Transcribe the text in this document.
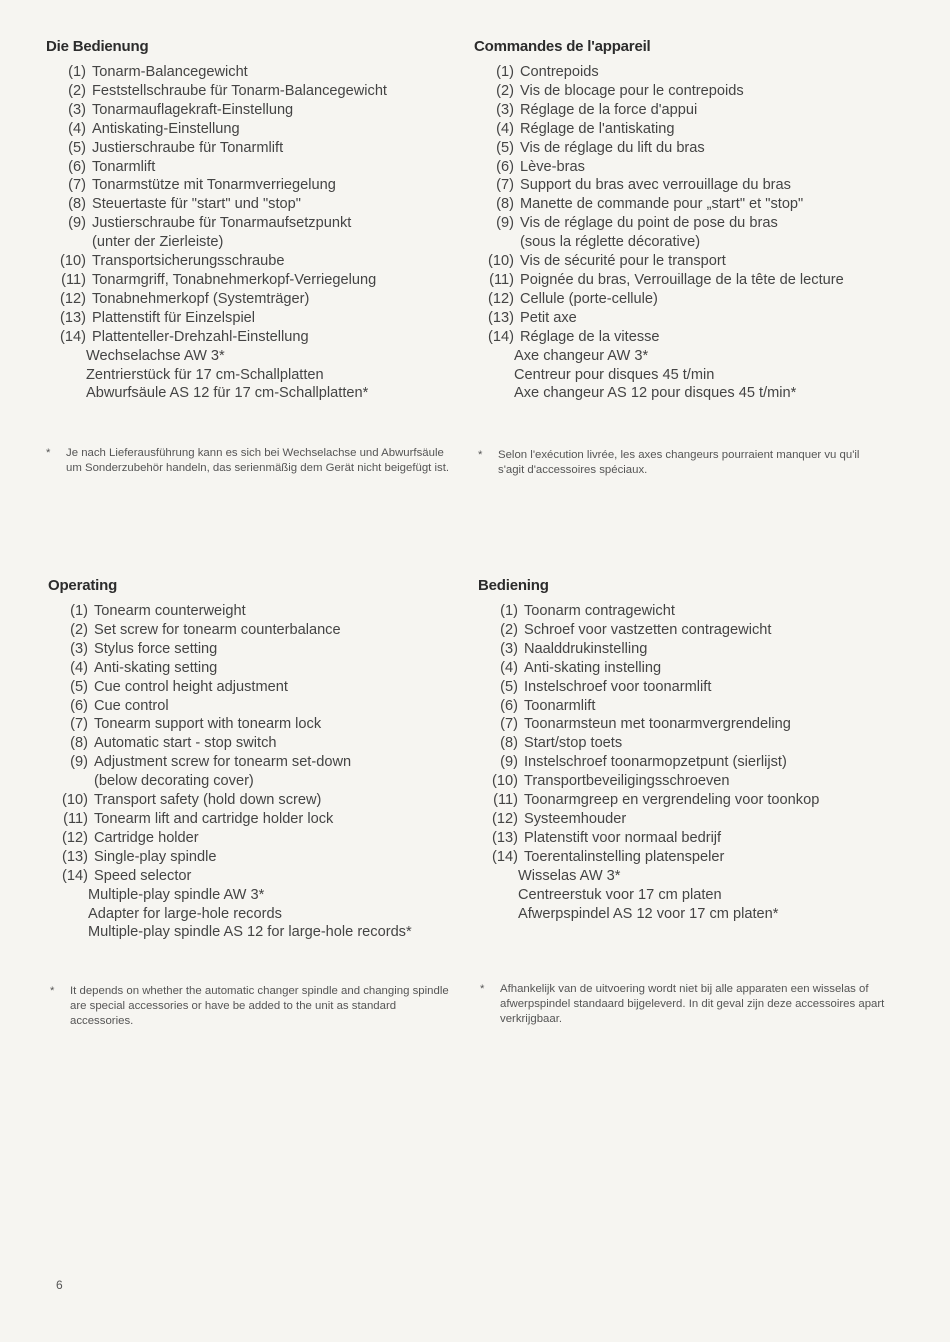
Die Bedienung
(1) Tonarm-Balancegewicht
(2) Feststellschraube für Tonarm-Balancegewicht
(3) Tonarmauflagekraft-Einstellung
(4) Antiskating-Einstellung
(5) Justierschraube für Tonarmlift
(6) Tonarmlift
(7) Tonarmstütze mit Tonarmverriegelung
(8) Steuertaste für "start" und "stop"
(9) Justierschraube für Tonarmaufsetzpunkt
(unter der Zierleiste)
(10) Transportsicherungsschraube
(11) Tonarmgriff, Tonabnehmerkopf-Verriegelung
(12) Tonabnehmerkopf (Systemträger)
(13) Plattenstift für Einzelspiel
(14) Plattenteller-Drehzahl-Einstellung
Wechselachse AW 3*
Zentrierstück für 17 cm-Schallplatten
Abwurfsäule AS 12 für 17 cm-Schallplatten*
*	Je nach Lieferausführung kann es sich bei Wechselachse und Abwurfsäule um Sonderzubehör handeln, das serienmäßig dem Gerät nicht beigefügt ist.
Commandes de l'appareil
(1) Contrepoids
(2) Vis de blocage pour le contrepoids
(3) Réglage de la force d'appui
(4) Réglage de l'antiskating
(5) Vis de réglage du lift du bras
(6) Lève-bras
(7) Support du bras avec verrouillage du bras
(8) Manette de commande pour „start" et "stop"
(9) Vis de réglage du point de pose du bras
(sous la réglette décorative)
(10) Vis de sécurité pour le transport
(11) Poignée du bras, Verrouillage de la tête de lecture
(12) Cellule (porte-cellule)
(13) Petit axe
(14) Réglage de la vitesse
Axe changeur AW 3*
Centreur pour disques 45 t/min
Axe changeur AS 12 pour disques 45 t/min*
*	Selon l'exécution livrée, les axes changeurs pourraient manquer vu qu'il s'agit d'accessoires spéciaux.
Operating
(1) Tonearm counterweight
(2) Set screw for tonearm counterbalance
(3) Stylus force setting
(4) Anti-skating setting
(5) Cue control height adjustment
(6) Cue control
(7) Tonearm support with tonearm lock
(8) Automatic start - stop switch
(9) Adjustment screw for tonearm set-down
(below decorating cover)
(10) Transport safety (hold down screw)
(11) Tonearm lift and cartridge holder lock
(12) Cartridge holder
(13) Single-play spindle
(14) Speed selector
Multiple-play spindle AW 3*
Adapter for large-hole records
Multiple-play spindle AS 12 for large-hole records*
*	It depends on whether the automatic changer spindle and changing spindle are special accessories or have be added to the unit as standard accessories.
Bediening
(1) Toonarm contragewicht
(2) Schroef voor vastzetten contragewicht
(3) Naalddrukinstelling
(4) Anti-skating instelling
(5) Instelschroef voor toonarmlift
(6) Toonarmlift
(7) Toonarmsteun met toonarmvergrendeling
(8) Start/stop toets
(9) Instelschroef toonarmopzetpunt (sierlijst)
(10) Transportbeveiligingsschroeven
(11) Toonarmgreep en vergrendeling voor toonkop
(12) Systeemhouder
(13) Platenstift voor normaal bedrijf
(14) Toerentalinstelling platenspeler
Wisselas AW 3*
Centreerstuk voor 17 cm platen
Afwerpspindel AS 12 voor 17 cm platen*
*	Afhankelijk van de uitvoering wordt niet bij alle apparaten een wisselas of afwerpspindel standaard bijgeleverd. In dit geval zijn deze accessoires apart verkrijgbaar.
6
